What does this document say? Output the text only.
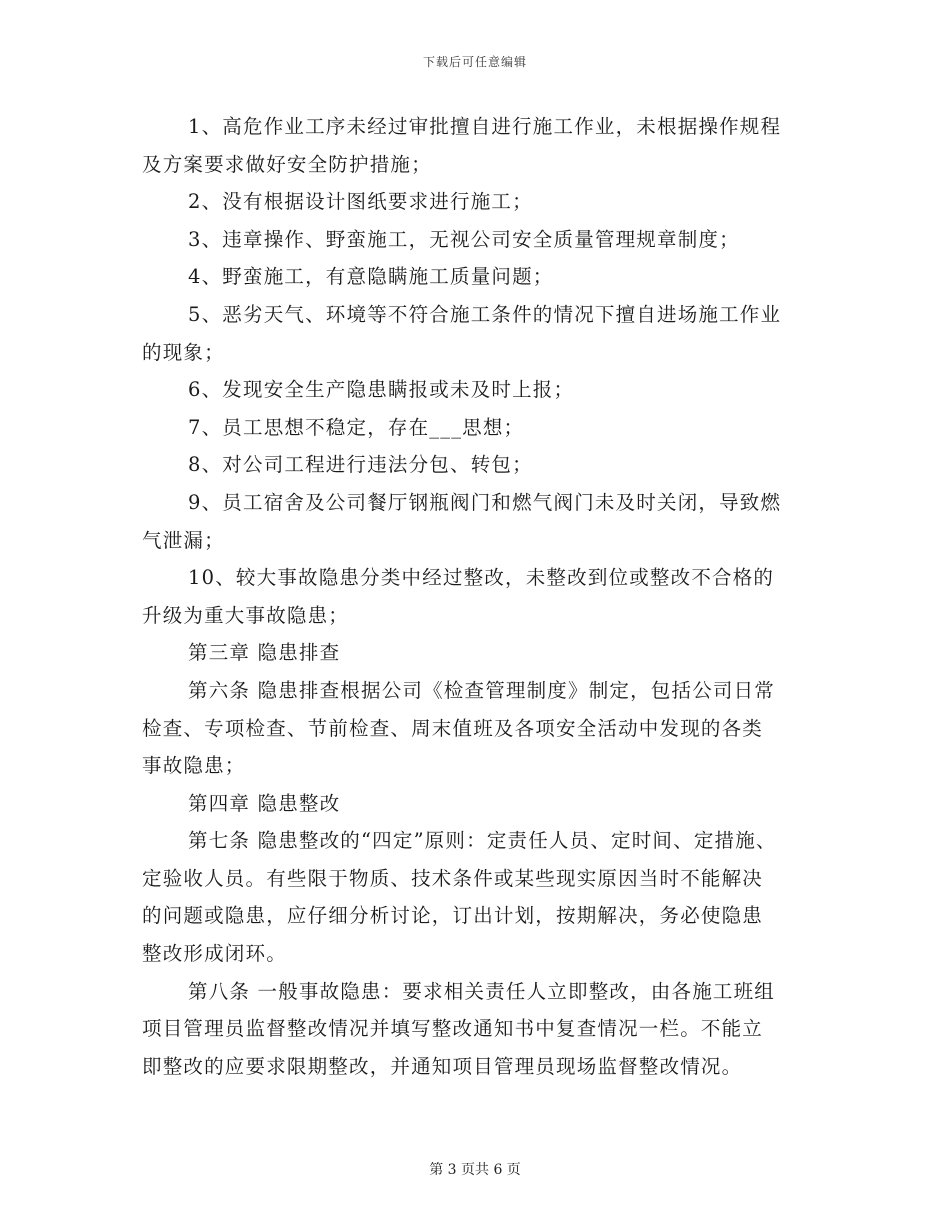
下载后可任意编辑
1、高危作业工序未经过审批擅自进行施工作业，未根据操作规程
及方案要求做好安全防护措施；
2、没有根据设计图纸要求进行施工；
3、违章操作、野蛮施工，无视公司安全质量管理规章制度；
4、野蛮施工，有意隐瞒施工质量问题；
5、恶劣天气、环境等不符合施工条件的情况下擅自进场施工作业
的现象；
6、发现安全生产隐患瞒报或未及时上报；
7、员工思想不稳定，存在___思想；
8、对公司工程进行违法分包、转包；
9、员工宿舍及公司餐厅钢瓶阀门和燃气阀门未及时关闭，导致燃
气泄漏；
10、较大事故隐患分类中经过整改，未整改到位或整改不合格的
升级为重大事故隐患；
第三章 隐患排查
第六条 隐患排查根据公司《检查管理制度》制定，包括公司日常
检查、专项检查、节前检查、周末值班及各项安全活动中发现的各类
事故隐患；
第四章 隐患整改
第七条 隐患整改的“四定”原则：定责任人员、定时间、定措施、
定验收人员。有些限于物质、技术条件或某些现实原因当时不能解决
的问题或隐患，应仔细分析讨论，订出计划，按期解决，务必使隐患
整改形成闭环。
第八条 一般事故隐患：要求相关责任人立即整改，由各施工班组
项目管理员监督整改情况并填写整改通知书中复查情况一栏。不能立
即整改的应要求限期整改，并通知项目管理员现场监督整改情况。
第 3 页共 6 页
